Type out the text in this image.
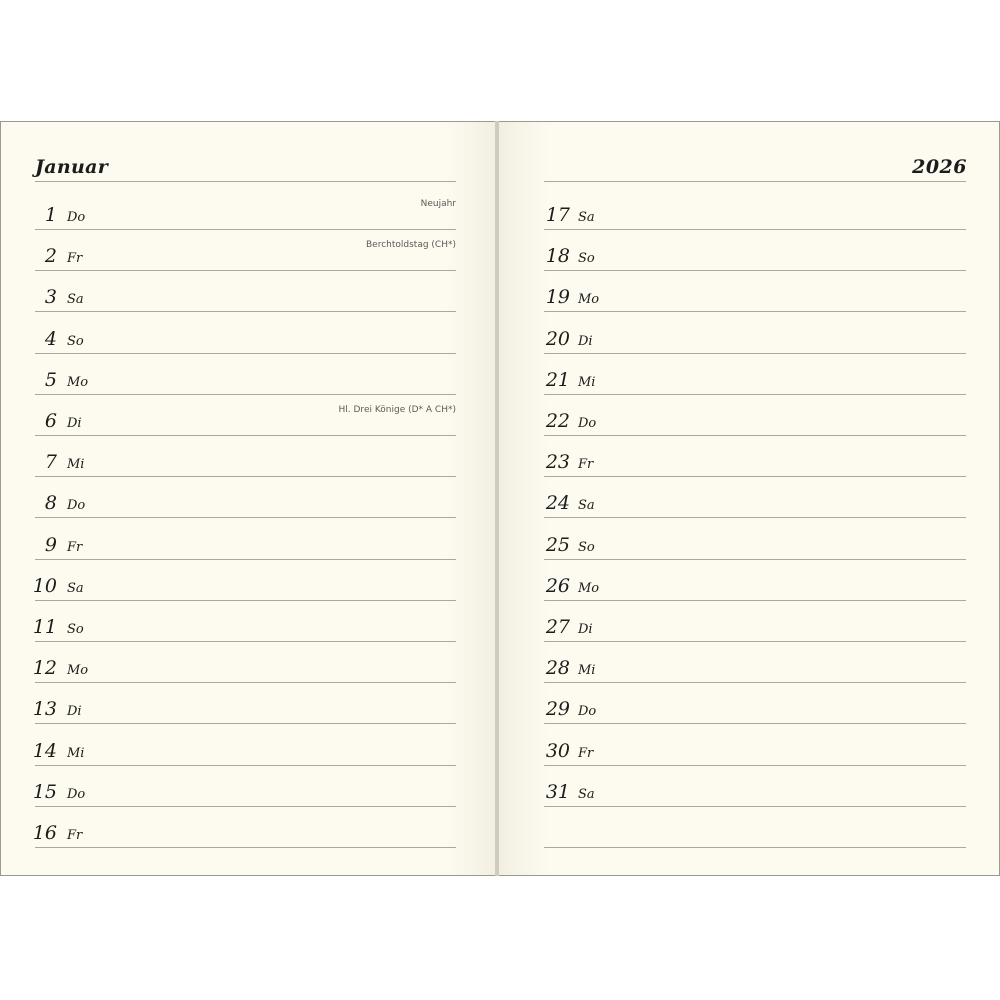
Januar
1 Do
Neujahr
2 Fr
Berchtoldstag (CH*)
3 Sa
4 So
5 Mo
6 Di
Hl. Drei Könige (D* A CH*)
7 Mi
8 Do
9 Fr
10 Sa
11 So
12 Mo
13 Di
14 Mi
15 Do
16 Fr
2026
17 Sa
18 So
19 Mo
20 Di
21 Mi
22 Do
23 Fr
24 Sa
25 So
26 Mo
27 Di
28 Mi
29 Do
30 Fr
31 Sa
